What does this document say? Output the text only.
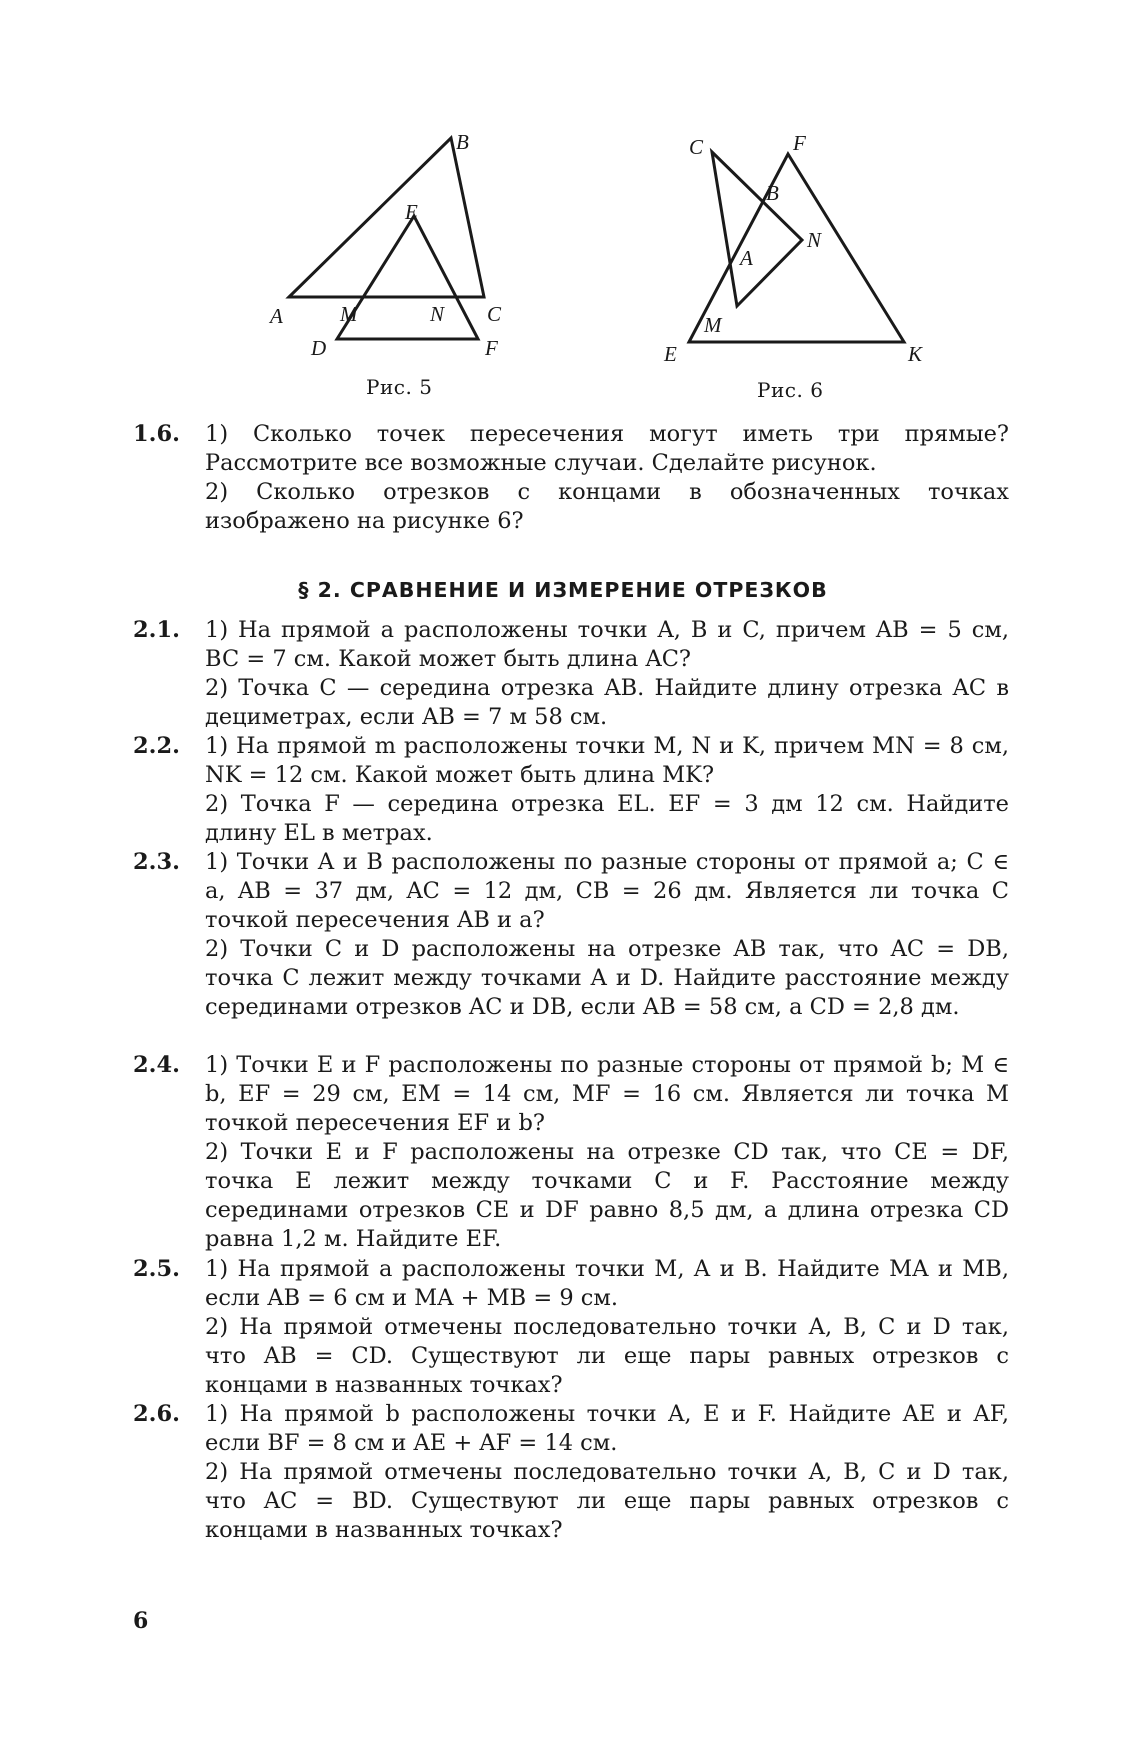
B
E
A	M	N C
D	F
Рис. 5
C	F
B
N
A
M
E	K
Рис. 6
1.6. 1) Сколько точек пересечения могут иметь три прямые? Рассмотрите все возможные случаи. Сделайте рисунок.
2) Сколько отрезков с концами в обозначенных точках изображено на рисунке 6?
§ 2. СРАВНЕНИЕ И ИЗМЕРЕНИЕ ОТРЕЗКОВ
2.1. 1) На прямой a расположены точки A, B и C, причем AB = 5 см, BC = 7 см. Какой может быть длина AC?
2) Точка C — середина отрезка AB. Найдите длину отрезка AC в дециметрах, если AB = 7 м 58 см.
2.2. 1) На прямой m расположены точки M, N и K, причем MN = 8 см, NK = 12 см. Какой может быть длина MK?
2) Точка F — середина отрезка EL. EF = 3 дм 12 см. Найдите длину EL в метрах.
2.3. 1) Точки A и B расположены по разные стороны от прямой a; C ∈ a, AB = 37 дм, AC = 12 дм, CB = 26 дм. Является ли точка C точкой пересечения AB и a?
2) Точки C и D расположены на отрезке AB так, что AC = DB, точка C лежит между точками A и D. Найдите расстояние между серединами отрезков AC и DB, если AB = 58 см, а CD = 2,8 дм.
2.4. 1) Точки E и F расположены по разные стороны от прямой b; M ∈ b, EF = 29 см, EM = 14 см, MF = 16 см. Является ли точка M точкой пересечения EF и b?
2) Точки E и F расположены на отрезке CD так, что CE = DF, точка E лежит между точками C и F. Расстояние между серединами отрезков CE и DF равно 8,5 дм, а длина отрезка CD равна 1,2 м. Найдите EF.
2.5. 1) На прямой a расположены точки M, A и B. Найдите MA и MB, если AB = 6 см и MA + MB = 9 см.
2) На прямой отмечены последовательно точки A, B, C и D так, что AB = CD. Существуют ли еще пары равных отрезков с концами в названных точках?
2.6. 1) На прямой b расположены точки A, E и F. Найдите AE и AF, если BF = 8 см и AE + AF = 14 см.
2) На прямой отмечены последовательно точки A, B, C и D так, что AC = BD. Существуют ли еще пары равных отрезков с концами в названных точках?
6
